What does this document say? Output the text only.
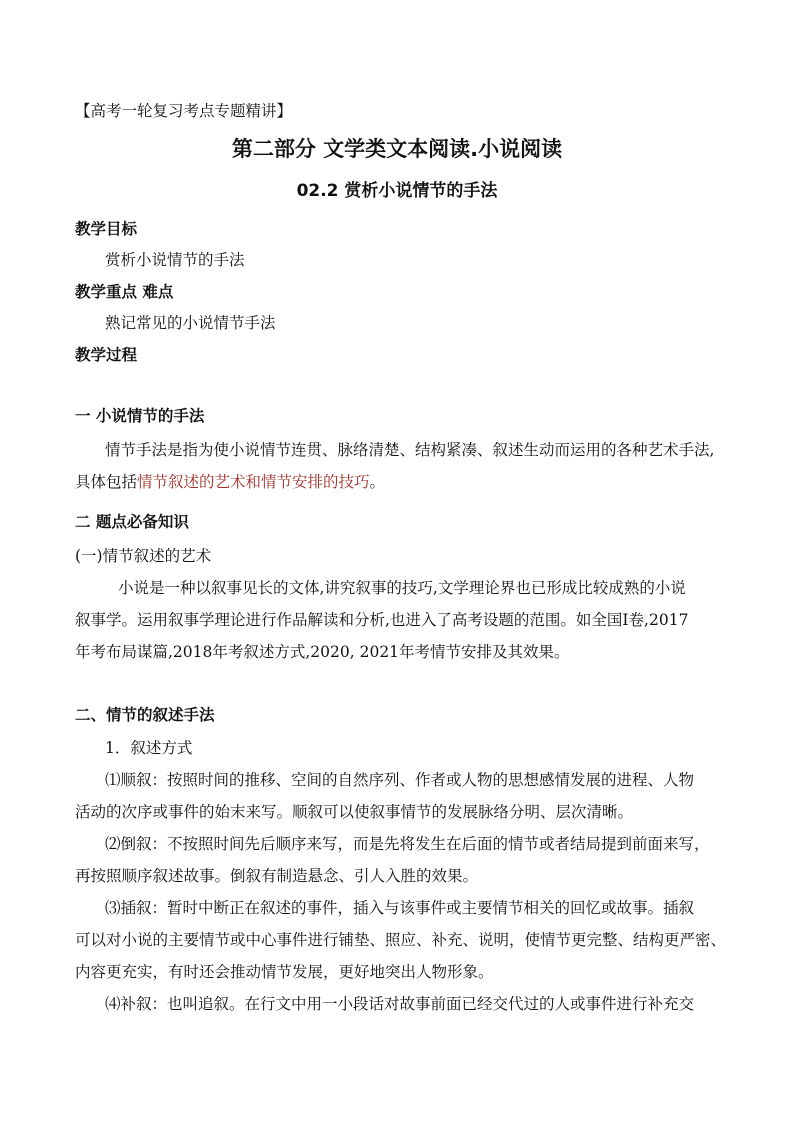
【高考一轮复习考点专题精讲】
第二部分 文学类文本阅读.小说阅读
02.2 赏析小说情节的手法
教学目标
赏析小说情节的手法
教学重点 难点
熟记常见的小说情节手法
教学过程
一 小说情节的手法
情节手法是指为使小说情节连贯、脉络清楚、结构紧凑、叙述生动而运用的各种艺术手法,
具体包括情节叙述的艺术和情节安排的技巧。
二 题点必备知识
(一)情节叙述的艺术
小说是一种以叙事见长的文体,讲究叙事的技巧,文学理论界也已形成比较成熟的小说
叙事学。运用叙事学理论进行作品解读和分析,也进入了高考设题的范围。如全国Ⅰ卷,2017
年考布局谋篇,2018年考叙述方式,2020, 2021年考情节安排及其效果。
二、情节的叙述手法
1．叙述方式
⑴顺叙：按照时间的推移、空间的自然序列、作者或人物的思想感情发展的进程、人物
活动的次序或事件的始末来写。顺叙可以使叙事情节的发展脉络分明、层次清晰。
⑵倒叙：不按照时间先后顺序来写，而是先将发生在后面的情节或者结局提到前面来写，
再按照顺序叙述故事。倒叙有制造悬念、引人入胜的效果。
⑶插叙：暂时中断正在叙述的事件，插入与该事件或主要情节相关的回忆或故事。插叙
可以对小说的主要情节或中心事件进行铺垫、照应、补充、说明，使情节更完整、结构更严密、
内容更充实，有时还会推动情节发展，更好地突出人物形象。
⑷补叙：也叫追叙。在行文中用一小段话对故事前面已经交代过的人或事件进行补充交
